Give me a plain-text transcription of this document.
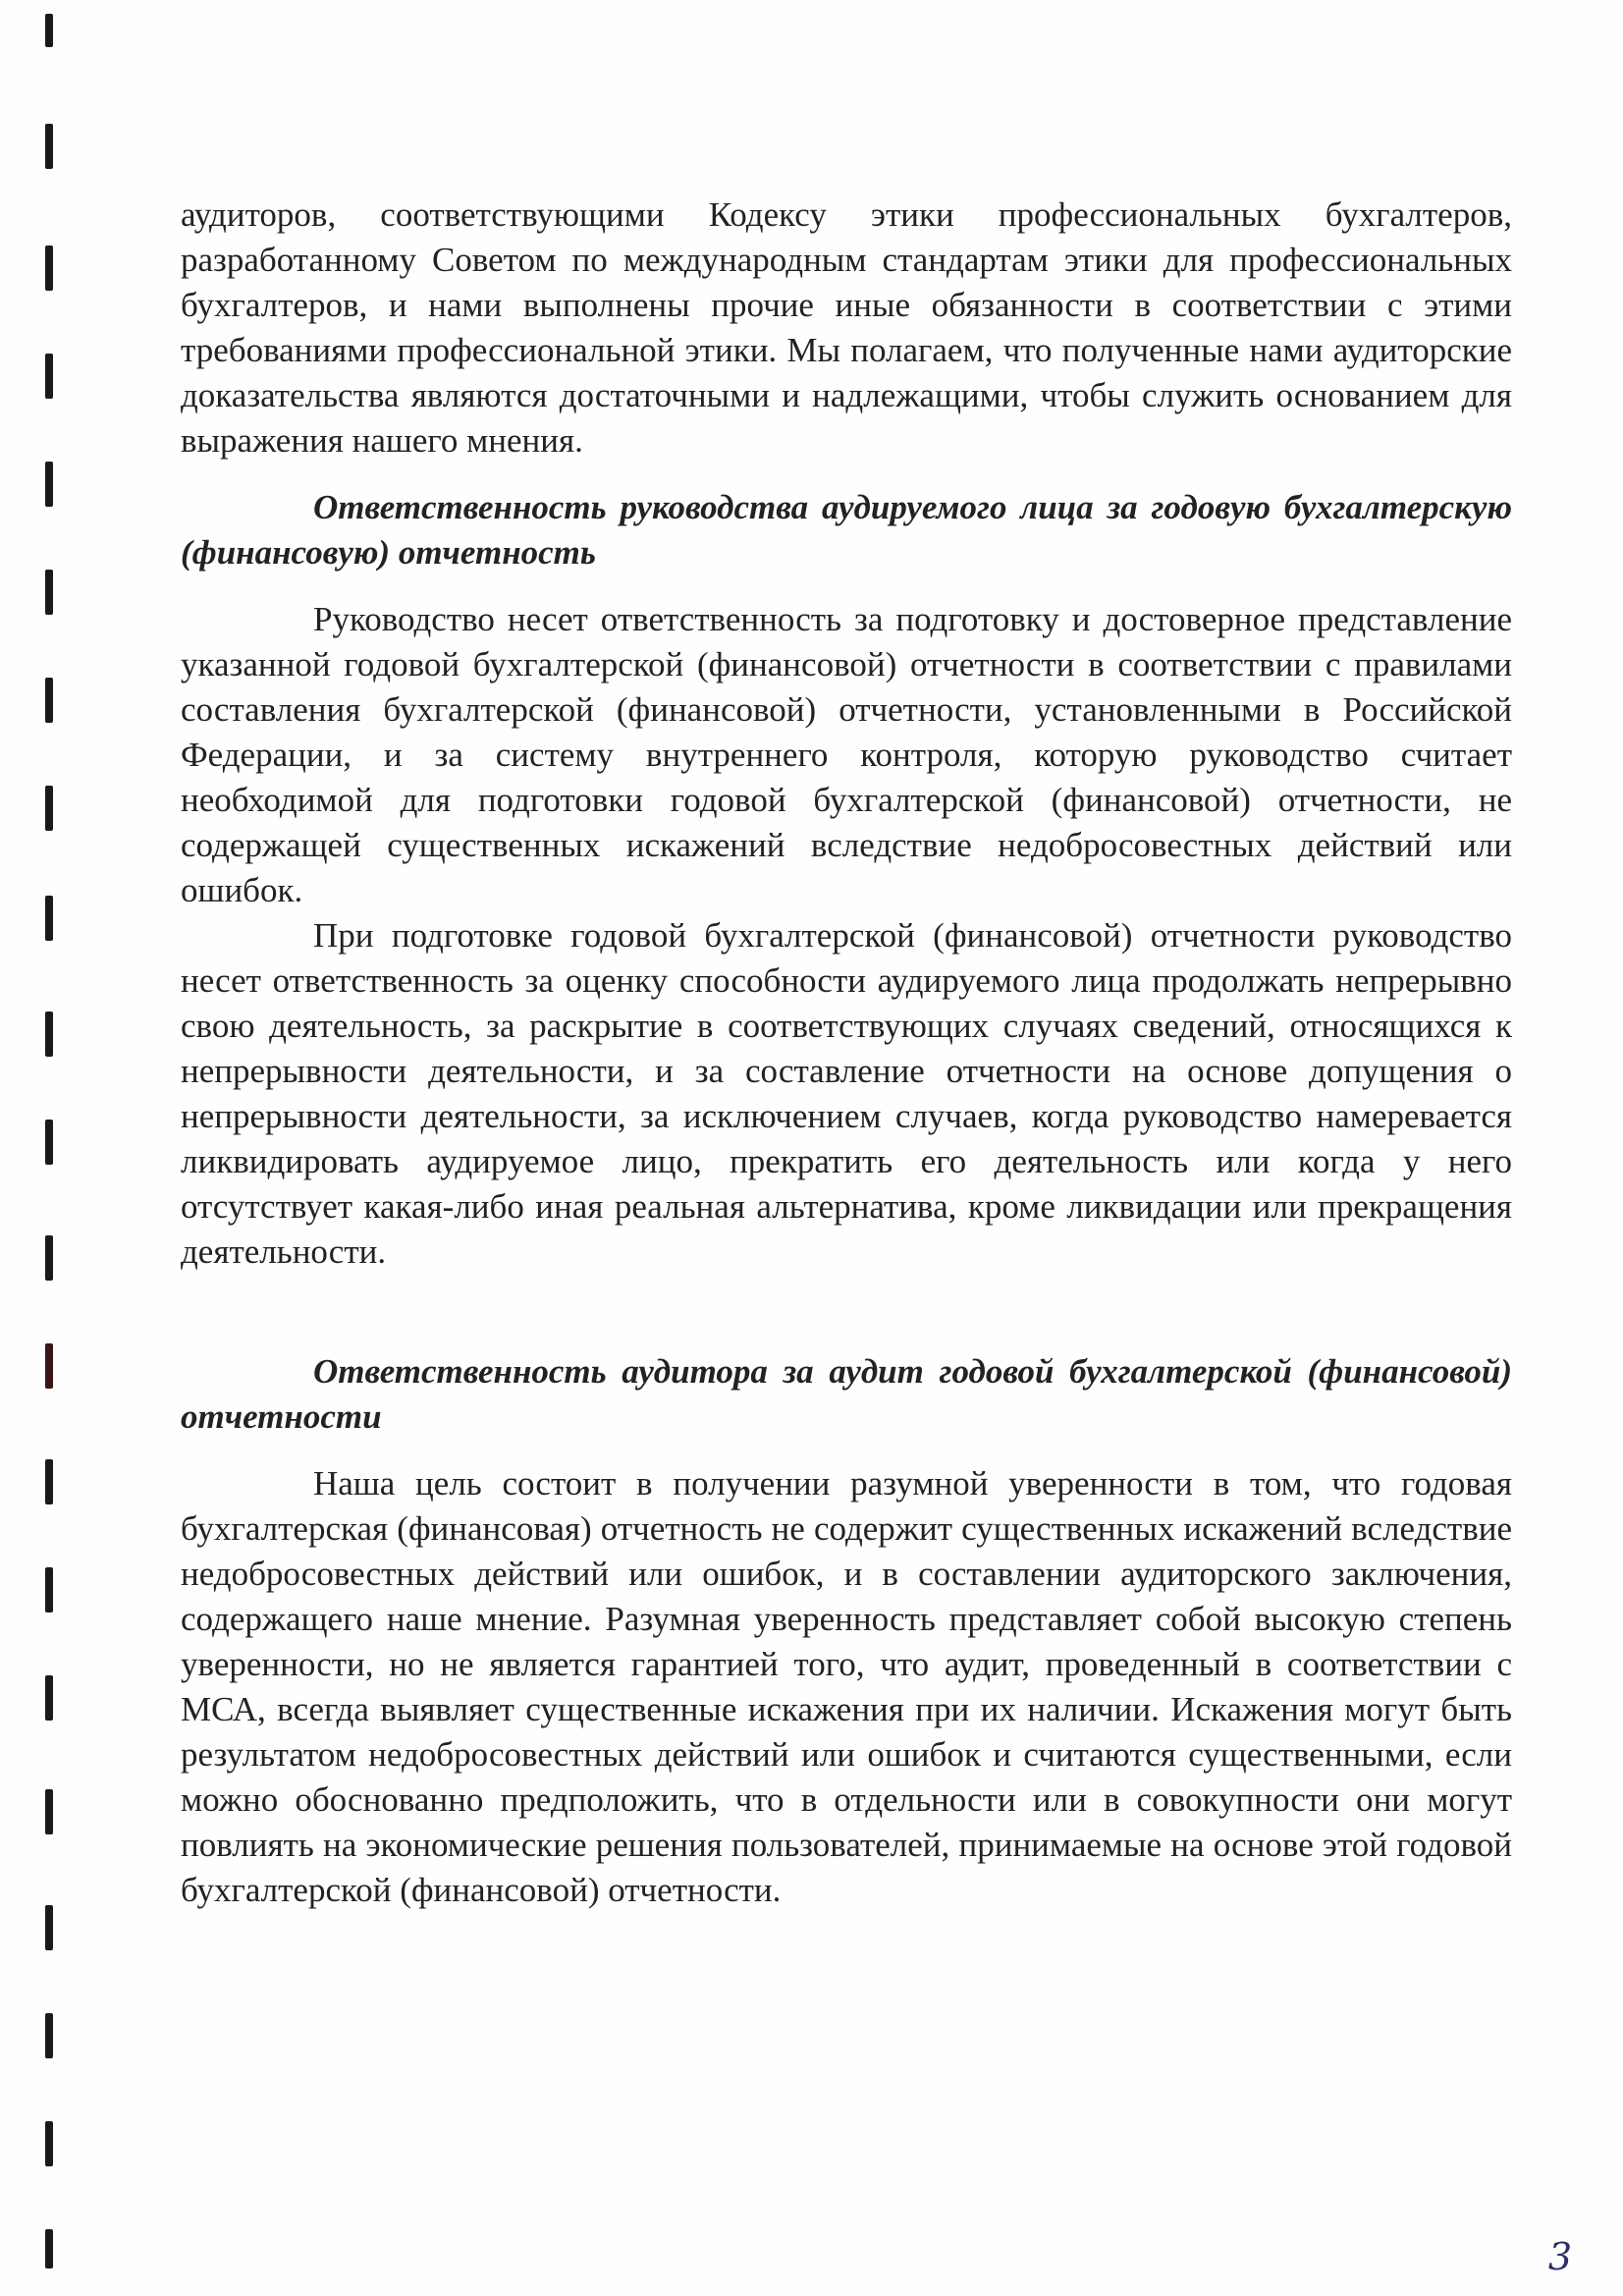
аудиторов, соответствующими Кодексу этики профессиональных бухгалтеров, разработанному Советом по международным стандартам этики для профессиональных бухгалтеров, и нами выполнены прочие иные обязанности в соответствии с этими требованиями профессиональной этики. Мы полагаем, что полученные нами аудиторские доказательства являются достаточными и надлежащими, чтобы служить основанием для выражения нашего мнения.

Ответственность руководства аудируемого лица за годовую бухгалтерскую (финансовую) отчетность

Руководство несет ответственность за подготовку и достоверное представление указанной годовой бухгалтерской (финансовой) отчетности в соответствии с правилами составления бухгалтерской (финансовой) отчетности, установленными в Российской Федерации, и за систему внутреннего контроля, которую руководство считает необходимой для подготовки годовой бухгалтерской (финансовой) отчетности, не содержащей существенных искажений вследствие недобросовестных действий или ошибок.

При подготовке годовой бухгалтерской (финансовой) отчетности руководство несет ответственность за оценку способности аудируемого лица продолжать непрерывно свою деятельность, за раскрытие в соответствующих случаях сведений, относящихся к непрерывности деятельности, и за составление отчетности на основе допущения о непрерывности деятельности, за исключением случаев, когда руководство намеревается ликвидировать аудируемое лицо, прекратить его деятельность или когда у него отсутствует какая-либо иная реальная альтернатива, кроме ликвидации или прекращения деятельности.

Ответственность аудитора за аудит годовой бухгалтерской (финансовой) отчетности

Наша цель состоит в получении разумной уверенности в том, что годовая бухгалтерская (финансовая) отчетность не содержит существенных искажений вследствие недобросовестных действий или ошибок, и в составлении аудиторского заключения, содержащего наше мнение. Разумная уверенность представляет собой высокую степень уверенности, но не является гарантией того, что аудит, проведенный в соответствии с МСА, всегда выявляет существенные искажения при их наличии. Искажения могут быть результатом недобросовестных действий или ошибок и считаются существенными, если можно обоснованно предположить, что в отдельности или в совокупности они могут повлиять на экономические решения пользователей, принимаемые на основе этой годовой бухгалтерской (финансовой) отчетности.

3
